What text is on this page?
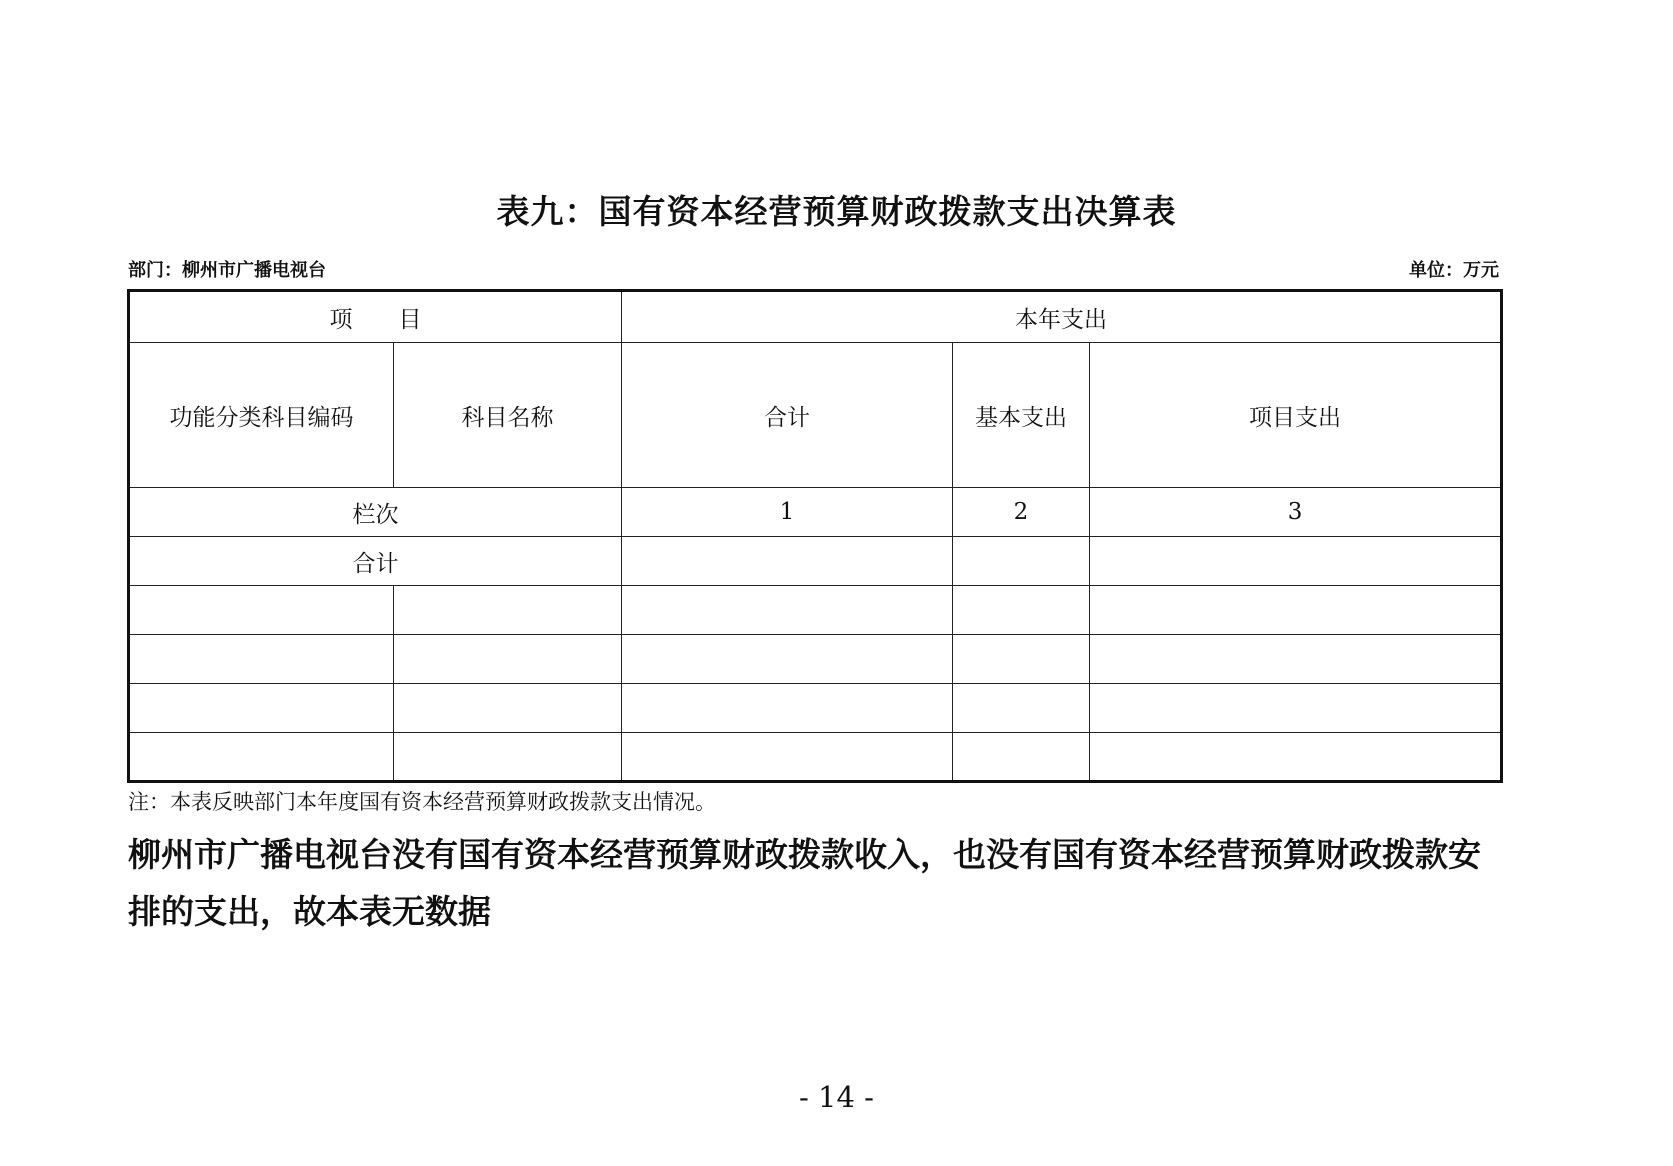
表九：国有资本经营预算财政拨款支出决算表
部门：柳州市广播电视台	单位：万元
项　　目		本年支出		
功能分类科目编码	科目名称	合计	基本支出	项目支出
栏次		1	2	3
合计				

注：本表反映部门本年度国有资本经营预算财政拨款支出情况。
柳州市广播电视台没有国有资本经营预算财政拨款收入，也没有国有资本经营预算财政拨款安排的支出，故本表无数据
- 14 -
